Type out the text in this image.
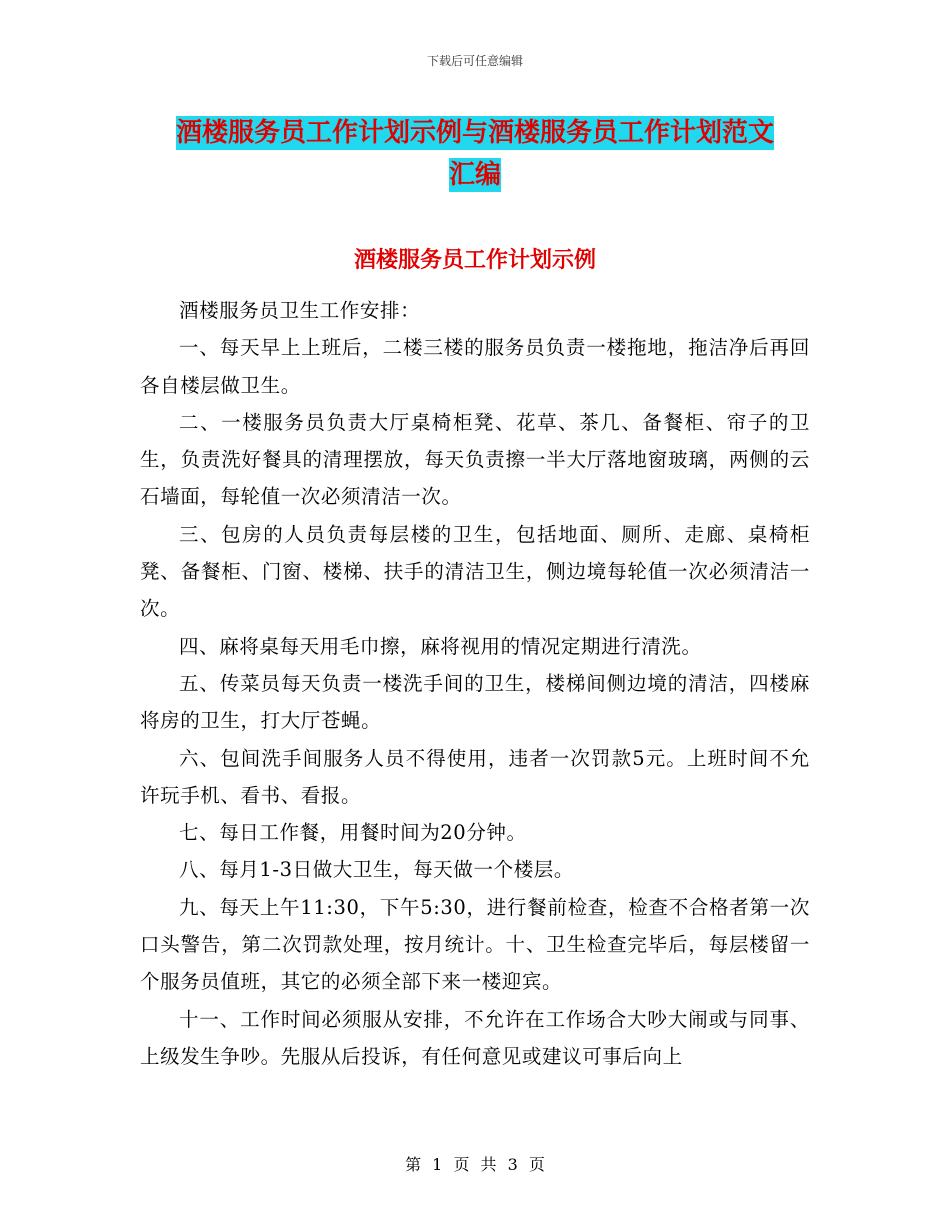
下载后可任意编辑
酒楼服务员工作计划示例与酒楼服务员工作计划范文
汇编
酒楼服务员工作计划示例

酒楼服务员卫生工作安排：

一、每天早上上班后，二楼三楼的服务员负责一楼拖地，拖洁净后再回各自楼层做卫生。

二、一楼服务员负责大厅桌椅柜凳、花草、茶几、备餐柜、帘子的卫生，负责洗好餐具的清理摆放，每天负责擦一半大厅落地窗玻璃，两侧的云石墙面，每轮值一次必须清洁一次。

三、包房的人员负责每层楼的卫生，包括地面、厕所、走廊、桌椅柜凳、备餐柜、门窗、楼梯、扶手的清洁卫生，侧边境每轮值一次必须清洁一次。

四、麻将桌每天用毛巾擦，麻将视用的情况定期进行清洗。

五、传菜员每天负责一楼洗手间的卫生，楼梯间侧边境的清洁，四楼麻将房的卫生，打大厅苍蝇。

六、包间洗手间服务人员不得使用，违者一次罚款5元。上班时间不允许玩手机、看书、看报。

七、每日工作餐，用餐时间为20分钟。

八、每月1-3日做大卫生，每天做一个楼层。

九、每天上午11:30，下午5:30，进行餐前检查，检查不合格者第一次口头警告，第二次罚款处理，按月统计。十、卫生检查完毕后，每层楼留一个服务员值班，其它的必须全部下来一楼迎宾。

十一、工作时间必须服从安排，不允许在工作场合大吵大闹或与同事、上级发生争吵。先服从后投诉，有任何意见或建议可事后向上

第 1 页 共 3 页
